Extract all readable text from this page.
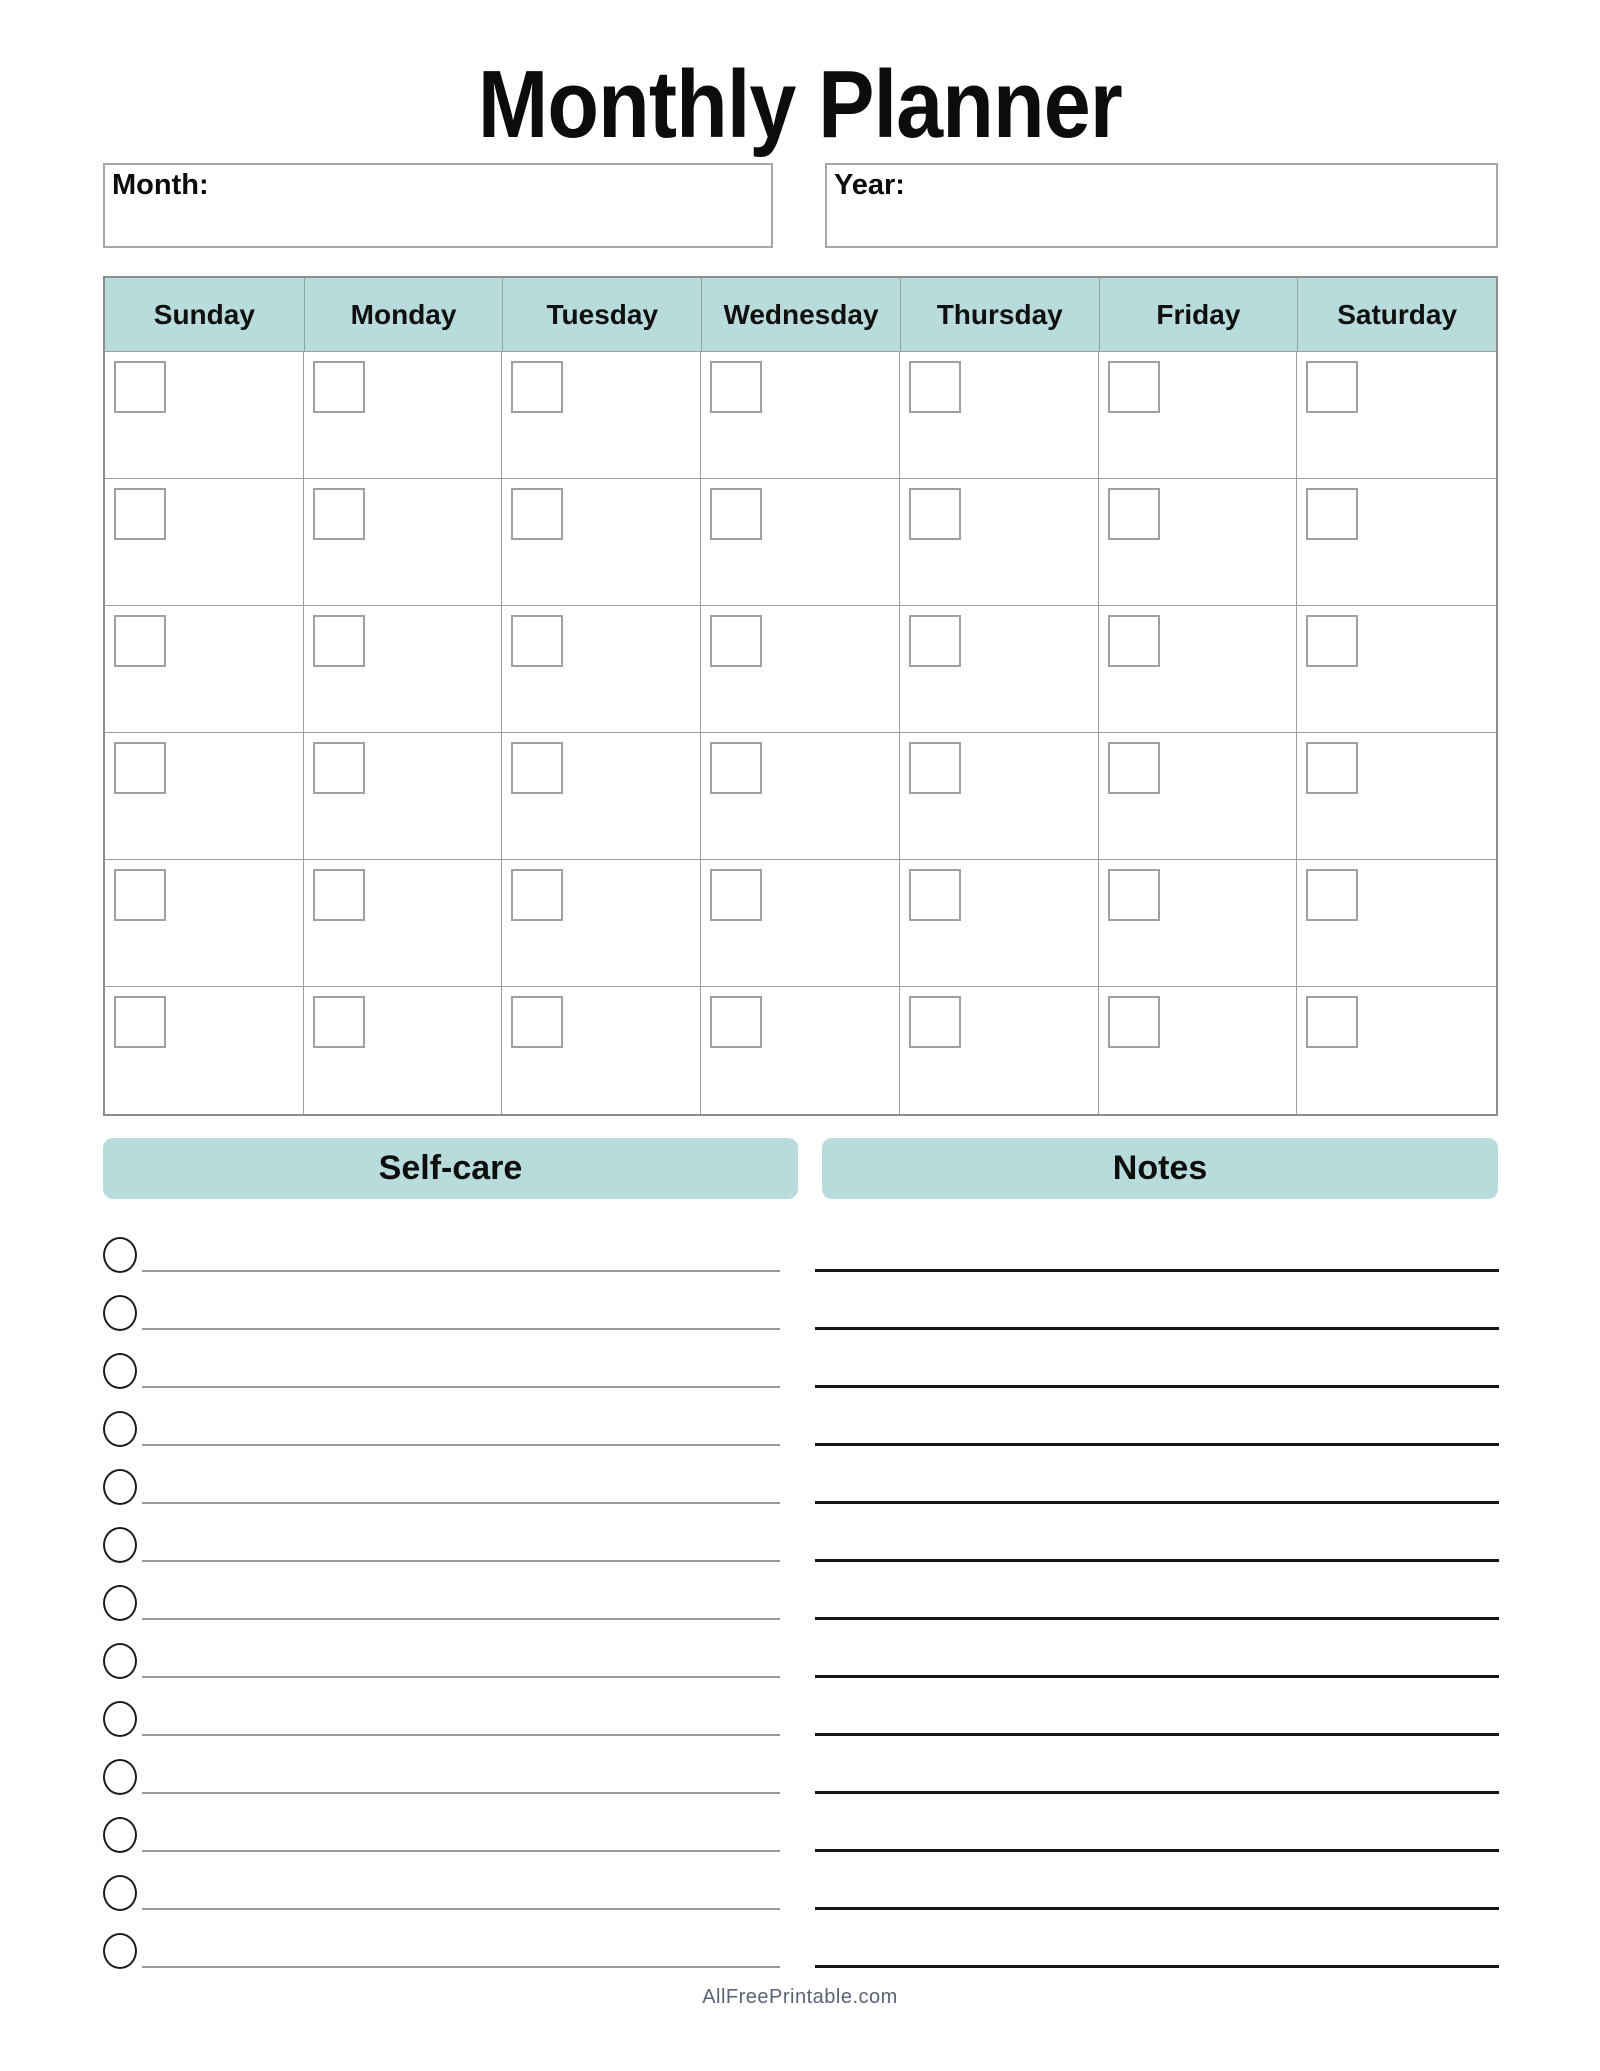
Monthly Planner
Month:	Year:
Sunday	Monday	Tuesday	Wednesday	Thursday	Friday	Saturday
Self-care	Notes
AllFreePrintable.com
